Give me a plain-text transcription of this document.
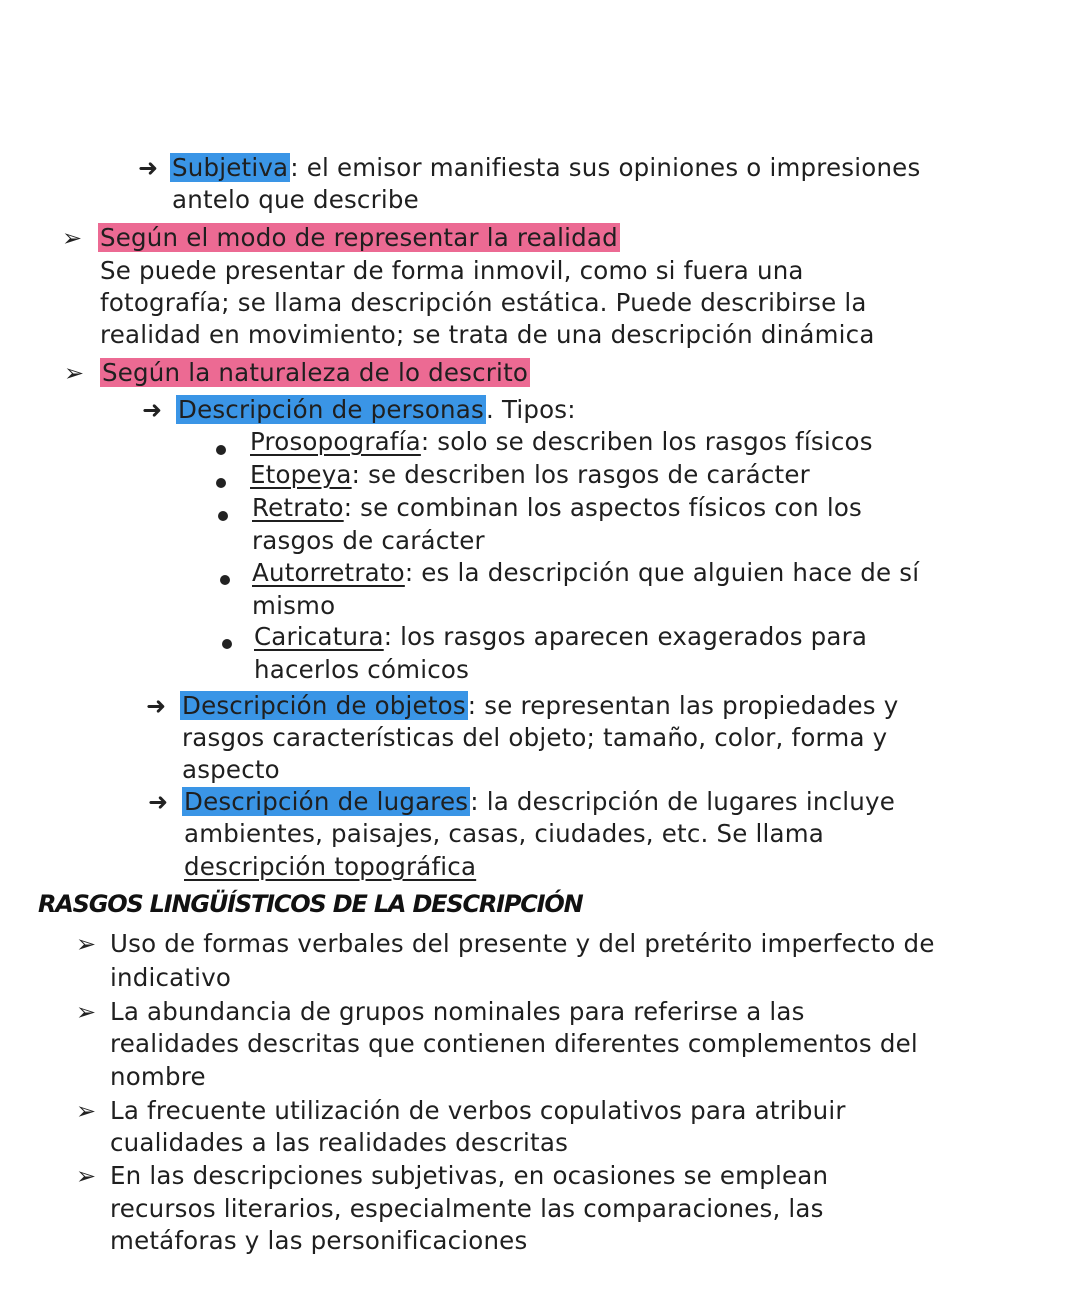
➜ Subjetiva: el emisor manifiesta sus opiniones o impresiones
antelo que describe
➢ Según el modo de representar la realidad
Se puede presentar de forma inmovil, como si fuera una
fotografía; se llama descripción estática. Puede describirse la
realidad en movimiento; se trata de una descripción dinámica
➢ Según la naturaleza de lo descrito
➜ Descripción de personas. Tipos:
Prosopografía: solo se describen los rasgos físicos
Etopeya: se describen los rasgos de carácter
Retrato: se combinan los aspectos físicos con los
rasgos de carácter
Autorretrato: es la descripción que alguien hace de sí
mismo
Caricatura: los rasgos aparecen exagerados para
hacerlos cómicos
➜ Descripción de objetos: se representan las propiedades y
rasgos características del objeto; tamaño, color, forma y
aspecto
➜ Descripción de lugares: la descripción de lugares incluye
ambientes, paisajes, casas, ciudades, etc. Se llama
descripción topográfica
RASGOS LINGÜÍSTICOS DE LA DESCRIPCIÓN
➢ Uso de formas verbales del presente y del pretérito imperfecto de
indicativo
➢ La abundancia de grupos nominales para referirse a las
realidades descritas que contienen diferentes complementos del
nombre
➢ La frecuente utilización de verbos copulativos para atribuir
cualidades a las realidades descritas
➢ En las descripciones subjetivas, en ocasiones se emplean
recursos literarios, especialmente las comparaciones, las
metáforas y las personificaciones
